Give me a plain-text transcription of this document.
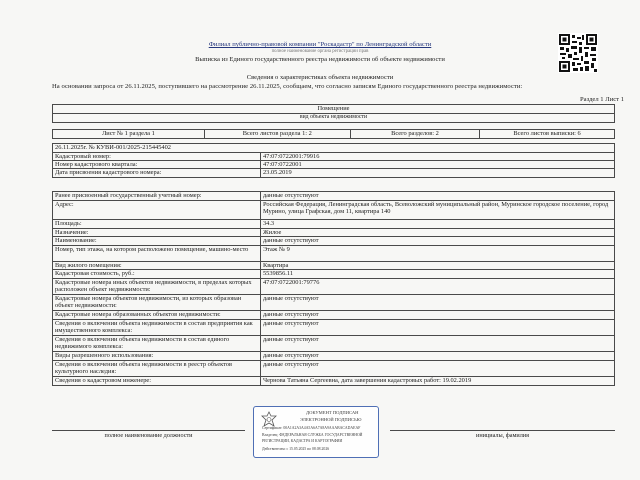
Филиал публично-правовой компании "Роскадастр" по Ленинградской области
полное наименование органа регистрации прав
Выписка из Единого государственного реестра недвижимости об объекте недвижимости
Сведения о характеристиках объекта недвижимости
На основании запроса от 26.11.2025, поступившего на рассмотрение 26.11.2025, сообщаем, что согласно записям Единого государственного реестра недвижимости:
Раздел 1 Лист 1
Помещение
вид объекта недвижимости
Лист № 1 раздела 1	Всего листов раздела 1: 2	Всего разделов: 2	Всего листов выписки: 6
26.11.2025г. № КУВИ-001/2025-215445402	
Кадастровый номер:	47:07:0722001:79916
Номер кадастрового квартала:	47:07:0722001
Дата присвоения кадастрового номера:	23.05.2019
Ранее присвоенный государственный учетный номер:	данные отсутствуют
Адрес:	Российская Федерация, Ленинградская область, Всеволожский муниципальный район, Муринское городское поселение, город Мурино, улица Графская, дом 11, квартира 140
Площадь:	34.3
Назначение:	Жилое
Наименование:	данные отсутствуют
Номер, тип этажа, на котором расположено помещение, машино-место	Этаж № 9
Вид жилого помещения:	Квартира
Кадастровая стоимость, руб.:	5539856.11
Кадастровые номера иных объектов недвижимости, в пределах которых расположен объект недвижимости:	47:07:0722001:79776
Кадастровые номера объектов недвижимости, из которых образован объект недвижимости:	данные отсутствуют
Кадастровые номера образованных объектов недвижимости:	данные отсутствуют
Сведения о включении объекта недвижимости в состав предприятия как имущественного комплекса:	данные отсутствуют
Сведения о включении объекта недвижимости в состав единого недвижимого комплекса:	данные отсутствуют
Виды разрешенного использования:	данные отсутствуют
Сведения о включении объекта недвижимости в реестр объектов культурного наследия:	данные отсутствуют
Сведения о кадастровом инженере:	Чернова Татьяна Сергеевна, дата завершения кадастровых работ: 19.02.2019
полное наименование должности	инициалы, фамилия
ДОКУМЕНТ ПОДПИСАН
ЭЛЕКТРОННОЙ ПОДПИСЬЮ
Сертификат: 00A1A2A3A4A5A6A7A8A9AAABACADAEAF
Владелец: ФЕДЕРАЛЬНАЯ СЛУЖБА ГОСУДАРСТВЕННОЙ
РЕГИСТРАЦИИ, КАДАСТРА И КАРТОГРАФИИ
Действителен: с 15.05.2025 по 08.08.2026
